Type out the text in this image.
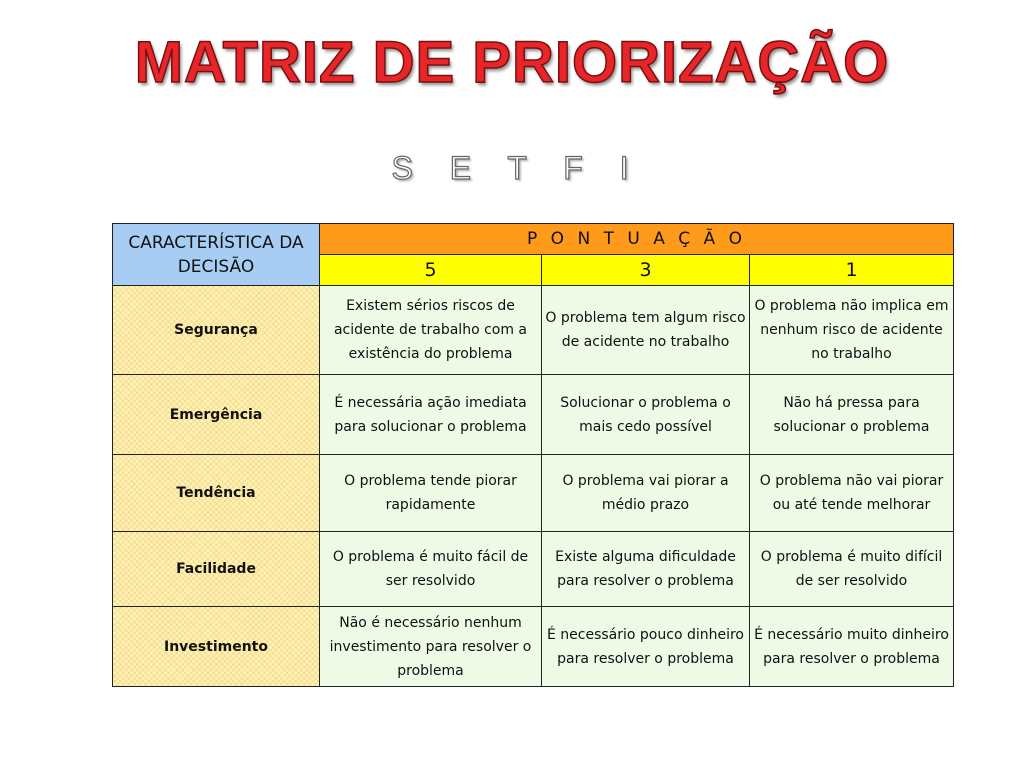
MATRIZ DE PRIORIZAÇÃO
S E T F I
CARACTERÍSTICA DA DECISÃO	P O N T U A Ç Ã O		
	5	3	1
Segurança	Existem sérios riscos de acidente de trabalho com a existência do problema	O problema tem algum risco de acidente no trabalho	O problema não implica em nenhum risco de acidente no trabalho
Emergência	É necessária ação imediata para solucionar o problema	Solucionar o problema o mais cedo possível	Não há pressa para solucionar o problema
Tendência	O problema tende piorar rapidamente	O problema vai piorar a médio prazo	O problema não vai piorar ou até tende melhorar
Facilidade	O problema é muito fácil de ser resolvido	Existe alguma dificuldade para resolver o problema	O problema é muito difícil de ser resolvido
Investimento	Não é necessário nenhum investimento para resolver o problema	É necessário pouco dinheiro para resolver o problema	É necessário muito dinheiro para resolver o problema
